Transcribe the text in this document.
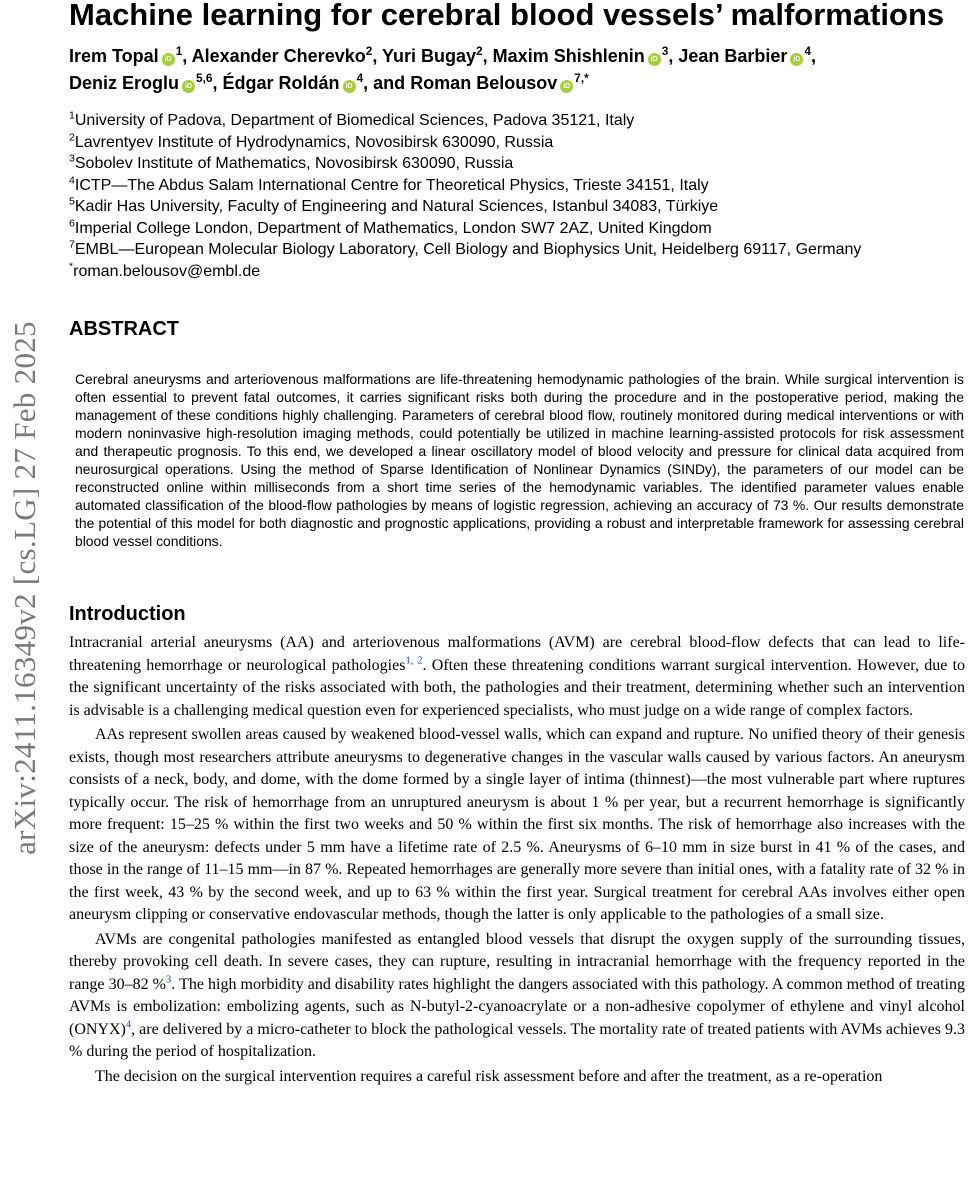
arXiv:2411.16349v2 [cs.LG] 27 Feb 2025
Machine learning for cerebral blood vessels’ malformations
Irem Topal $iD^1$, Alexander Cherevko$^2$, Yuri Bugay$^2$, Maxim Shishlenin $iD^3$, Jean Barbier $iD^4$,
Deniz Eroglu iD$^{5,6}$, Édgar Roldán $iD^4$, and Roman Belousov $iD^{7,*}$
$^1$University of Padova, Department of Biomedical Sciences, Padova 35121, Italy
$^2$Lavrentyev Institute of Hydrodynamics, Novosibirsk 630090, Russia
$^3$Sobolev Institute of Mathematics, Novosibirsk 630090, Russia
$^4$ICTP—The Abdus Salam International Centre for Theoretical Physics, Trieste 34151, Italy
$^5$Kadir Has University, Faculty of Engineering and Natural Sciences, Istanbul 34083, Türkiye
$^6$Imperial College London, Department of Mathematics, London SW7 2AZ, United Kingdom
$^7$EMBL—European Molecular Biology Laboratory, Cell Biology and Biophysics Unit, Heidelberg 69117, Germany
*roman.belousov@embl.de
ABSTRACT
Cerebral aneurysms and arteriovenous malformations are life-threatening hemodynamic pathologies of the brain. While surgical intervention is often essential to prevent fatal outcomes, it carries significant risks both during the procedure and in the postoperative period, making the management of these conditions highly challenging. Parameters of cerebral blood flow, routinely monitored during medical interventions or with modern noninvasive high-resolution imaging methods, could potentially be utilized in machine learning-assisted protocols for risk assessment and therapeutic prognosis. To this end, we developed a linear oscillatory model of blood velocity and pressure for clinical data acquired from neurosurgical operations. Using the method of Sparse Identification of Nonlinear Dynamics (SINDy), the parameters of our model can be reconstructed online within milliseconds from a short time series of the hemodynamic variables. The identified parameter values enable automated classification of the blood-flow pathologies by means of logistic regression, achieving an accuracy of 73 %. Our results demonstrate the potential of this model for both diagnostic and prognostic applications, providing a robust and interpretable framework for assessing cerebral blood vessel conditions.
Introduction

Intracranial arterial aneurysms (AA) and arteriovenous malformations (AVM) are cerebral blood-flow defects that can lead to life-threatening hemorrhage or neurological pathologies$^{1, 2}$. Often these threatening conditions warrant surgical intervention. However, due to the significant uncertainty of the risks associated with both, the pathologies and their treatment, determining whether such an intervention is advisable is a challenging medical question even for experienced specialists, who must judge on a wide range of complex factors.

AAs represent swollen areas caused by weakened blood-vessel walls, which can expand and rupture. No unified theory of their genesis exists, though most researchers attribute aneurysms to degenerative changes in the vascular walls caused by various factors. An aneurysm consists of a neck, body, and dome, with the dome formed by a single layer of intima (thinnest)—the most vulnerable part where ruptures typically occur. The risk of hemorrhage from an unruptured aneurysm is about 1 % per year, but a recurrent hemorrhage is significantly more frequent: 15–25 % within the first two weeks and 50 % within the first six months. The risk of hemorrhage also increases with the size of the aneurysm: defects under 5 mm have a lifetime rate of 2.5 %. Aneurysms of 6–10 mm in size burst in 41 % of the cases, and those in the range of 11–15 mm—in 87 %. Repeated hemorrhages are generally more severe than initial ones, with a fatality rate of 32 % in the first week, 43 % by the second week, and up to 63 % within the first year. Surgical treatment for cerebral AAs involves either open aneurysm clipping or conservative endovascular methods, though the latter is only applicable to the pathologies of a small size.

AVMs are congenital pathologies manifested as entangled blood vessels that disrupt the oxygen supply of the surrounding tissues, thereby provoking cell death. In severe cases, they can rupture, resulting in intracranial hemorrhage with the frequency reported in the range 30–82 %$^3$. The high morbidity and disability rates highlight the dangers associated with this pathology. A common method of treating AVMs is embolization: embolizing agents, such as N-butyl-2-cyanoacrylate or a non-adhesive copolymer of ethylene and vinyl alcohol (ONYX)$^4$, are delivered by a micro-catheter to block the pathological vessels. The mortality rate of treated patients with AVMs achieves 9.3 % during the period of hospitalization.

The decision on the surgical intervention requires a careful risk assessment before and after the treatment, as a re-operation
